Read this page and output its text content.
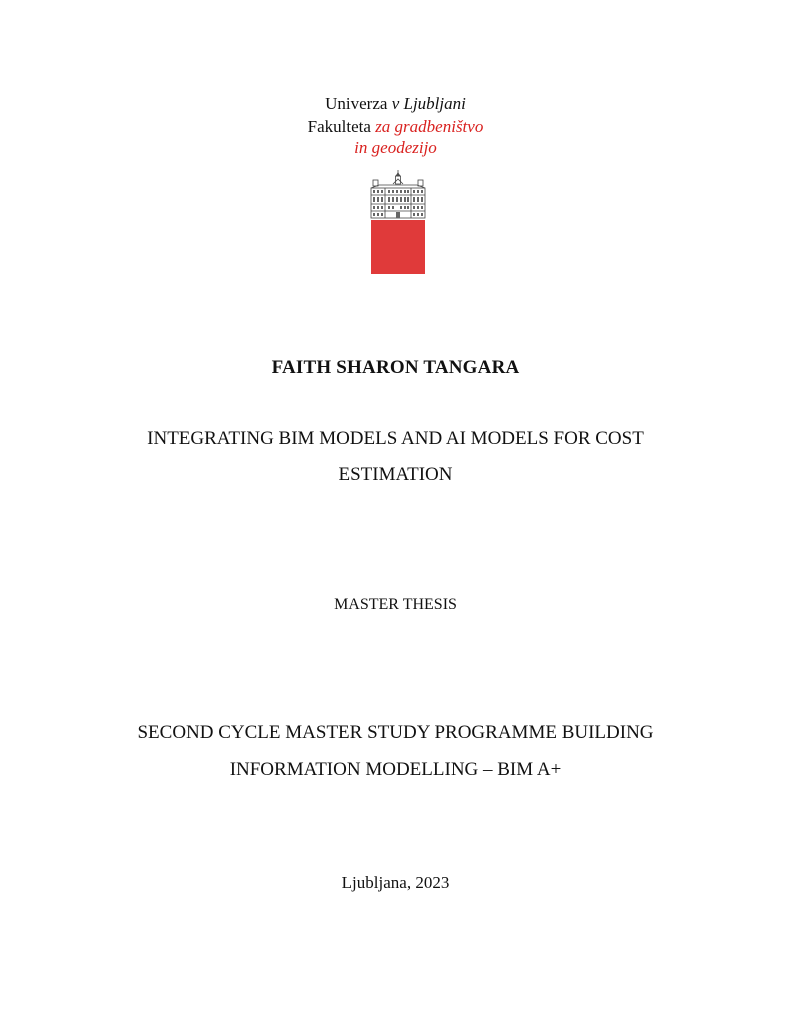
Univerza v Ljubljani
Fakulteta za gradbeništvo
in geodezijo
FAITH SHARON TANGARA
INTEGRATING BIM MODELS AND AI MODELS FOR COST
ESTIMATION
MASTER THESIS
SECOND CYCLE MASTER STUDY PROGRAMME BUILDING
INFORMATION MODELLING – BIM A+
Ljubljana, 2023
